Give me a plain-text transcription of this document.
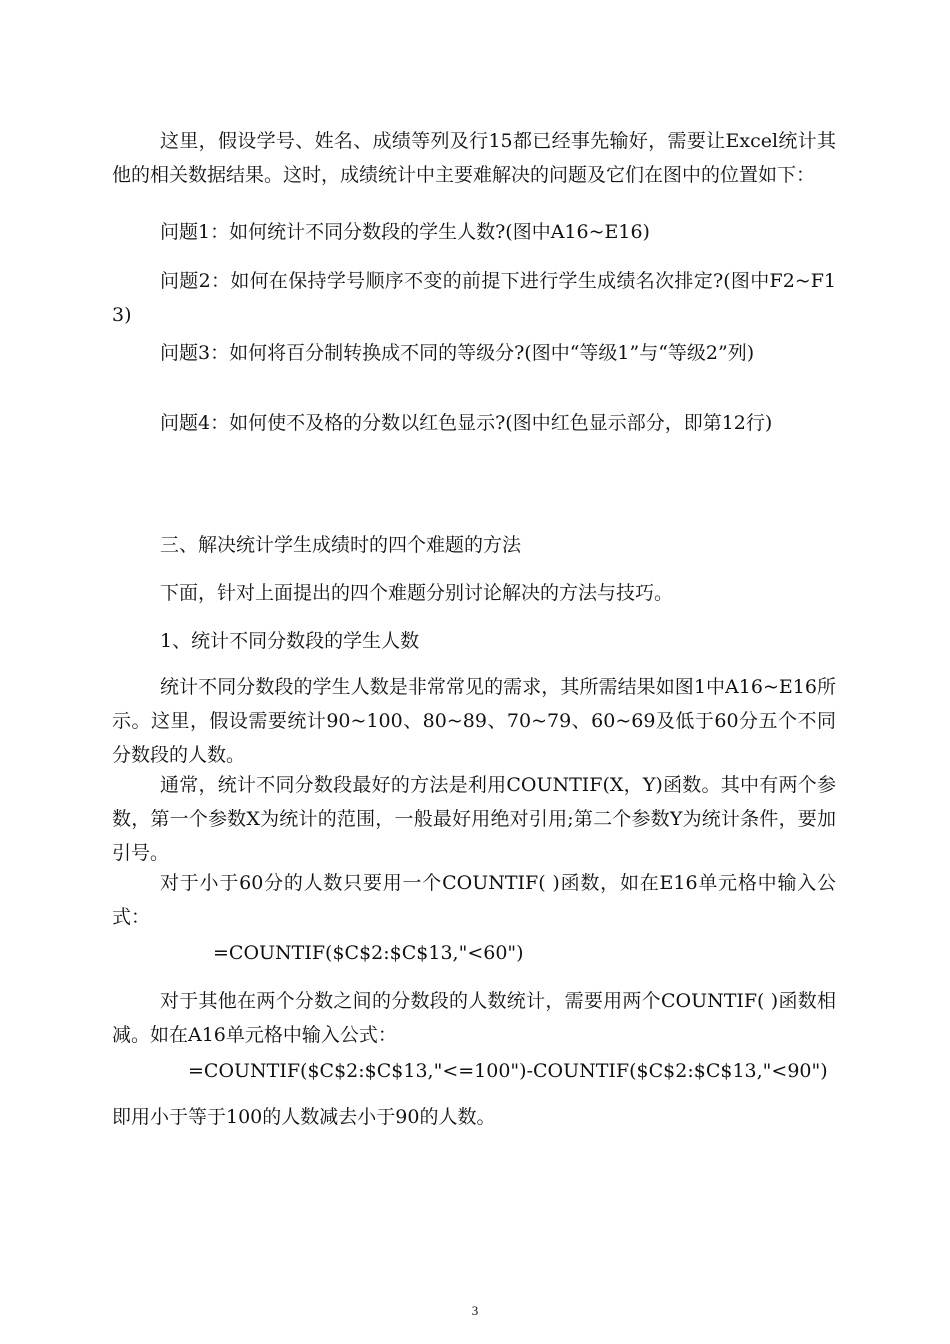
这里，假设学号、姓名、成绩等列及行15都已经事先输好，需要让Excel统计其他的相关数据结果。这时，成绩统计中主要难解决的问题及它们在图中的位置如下：

问题1：如何统计不同分数段的学生人数?(图中A16~E16)

问题2：如何在保持学号顺序不变的前提下进行学生成绩名次排定?(图中F2~F13)

问题3：如何将百分制转换成不同的等级分?(图中“等级1”与“等级2”列)

问题4：如何使不及格的分数以红色显示?(图中红色显示部分，即第12行)

三、解决统计学生成绩时的四个难题的方法

下面，针对上面提出的四个难题分别讨论解决的方法与技巧。

1、统计不同分数段的学生人数

统计不同分数段的学生人数是非常常见的需求，其所需结果如图1中A16~E16所示。这里，假设需要统计90~100、80~89、70~79、60~69及低于60分五个不同分数段的人数。

通常，统计不同分数段最好的方法是利用COUNTIF(X，Y)函数。其中有两个参数，第一个参数X为统计的范围，一般最好用绝对引用;第二个参数Y为统计条件，要加引号。

对于小于60分的人数只要用一个COUNTIF( )函数，如在E16单元格中输入公式：

=COUNTIF($C$2:$C$13,"<60")

对于其他在两个分数之间的分数段的人数统计，需要用两个COUNTIF( )函数相减。如在A16单元格中输入公式：

=COUNTIF($C$2:$C$13,"<=100")-COUNTIF($C$2:$C$13,"<90")

即用小于等于100的人数减去小于90的人数。

3
